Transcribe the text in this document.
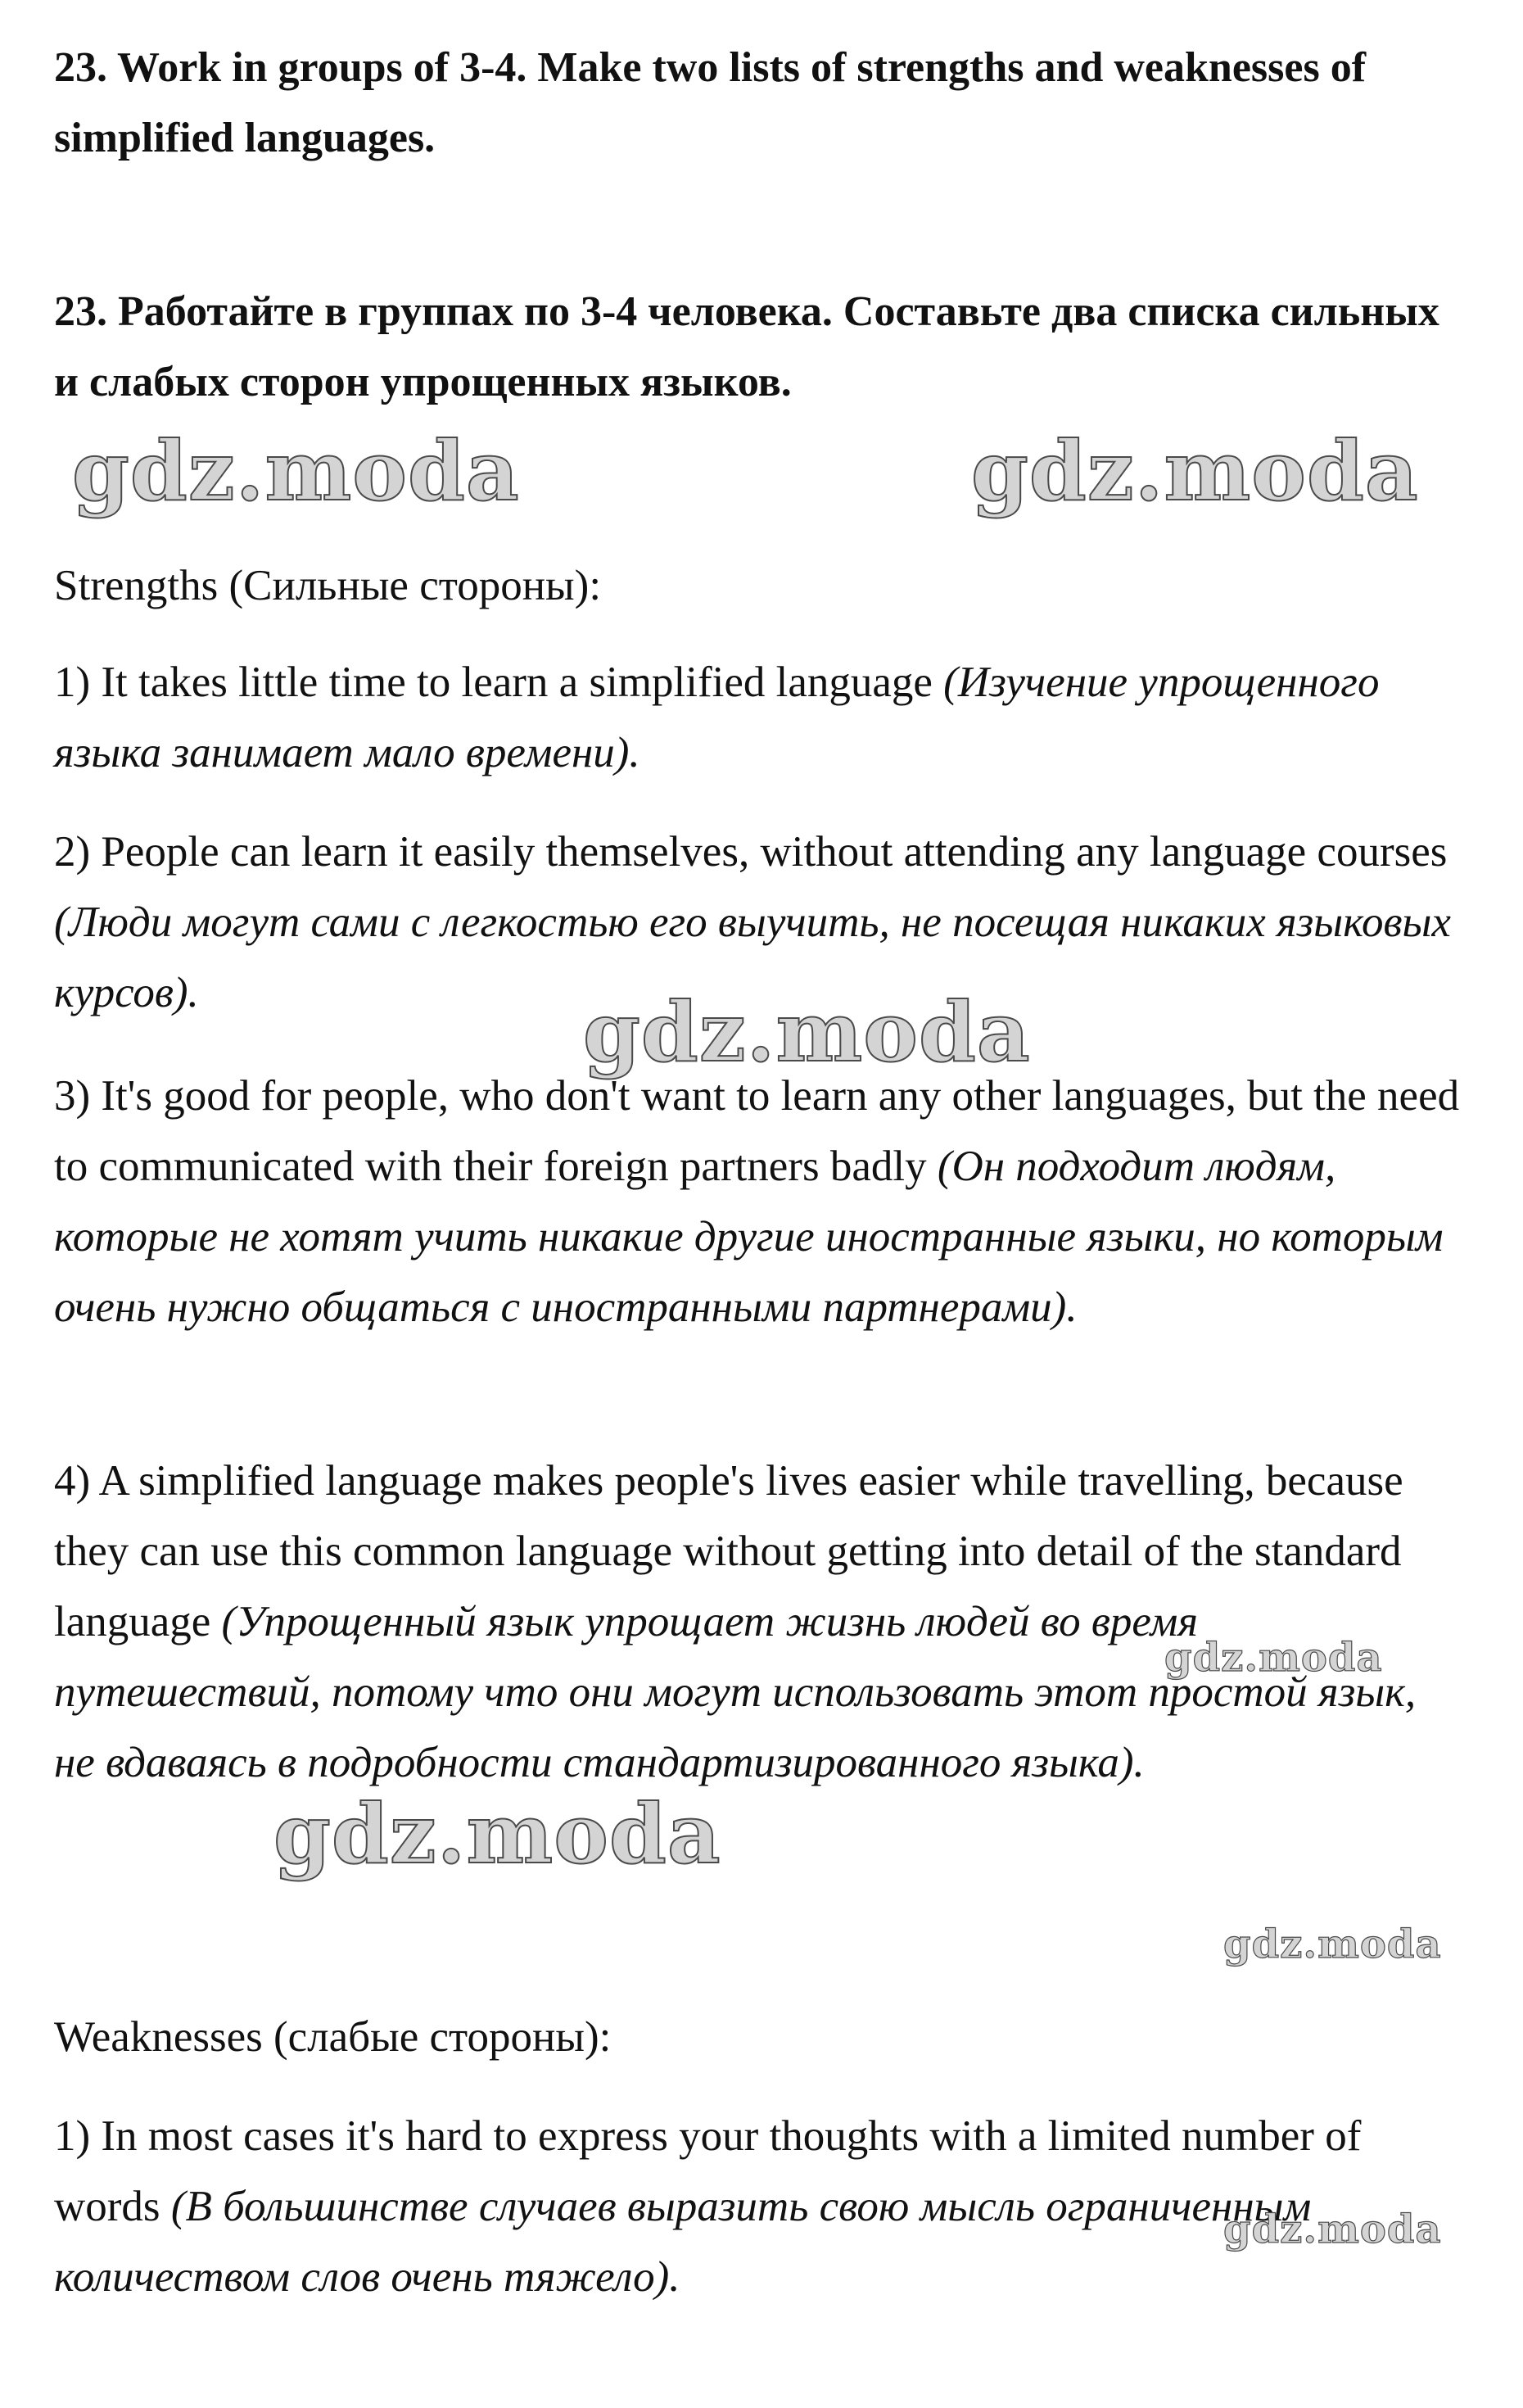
23. Work in groups of 3-4. Make two lists of strengths and weaknesses of simplified languages.

23. Работайте в группах по 3-4 человека. Составьте два списка сильных и слабых сторон упрощенных языков.

Strengths (Сильные стороны):

1) It takes little time to learn a simplified language (Изучение упрощенного языка занимает мало времени).

2) People can learn it easily themselves, without attending any language courses (Люди могут сами с легкостью его выучить, не посещая никаких языковых курсов).

3) It's good for people, who don't want to learn any other languages, but the need to communicated with their foreign partners badly (Он подходит людям, которые не хотят учить никакие другие иностранные языки, но которым очень нужно общаться с иностранными партнерами).

4) A simplified language makes people's lives easier while travelling, because they can use this common language without getting into detail of the standard language (Упрощенный язык упрощает жизнь людей во время путешествий, потому что они могут использовать этот простой язык, не вдаваясь в подробности стандартизированного языка).

Weaknesses (слабые стороны):

1) In most cases it's hard to express your thoughts with a limited number of words (В большинстве случаев выразить свою мысль ограниченным количеством слов очень тяжело).

gdz.moda	gdz.moda
gdz.moda
gdz.moda
gdz.moda
gdz.moda
gdz.moda
